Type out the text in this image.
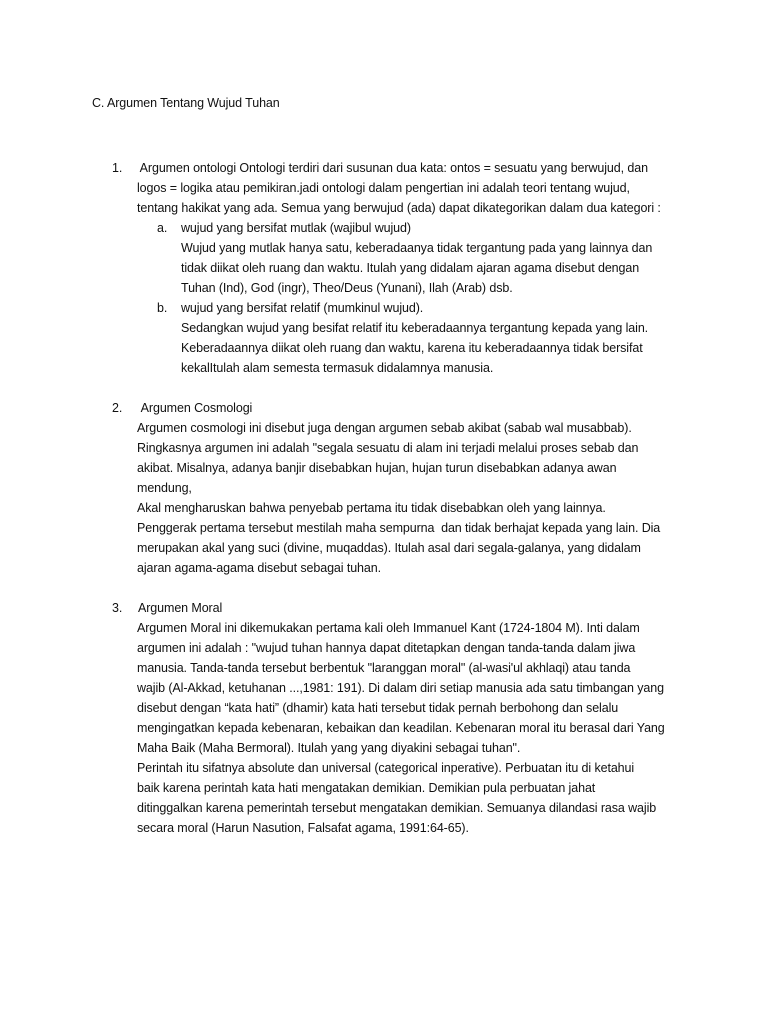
C. Argumen Tentang Wujud Tuhan
1. Argumen ontologi Ontologi terdiri dari susunan dua kata: ontos = sesuatu yang berwujud, dan
logos = logika atau pemikiran.jadi ontologi dalam pengertian ini adalah teori tentang wujud,
tentang hakikat yang ada. Semua yang berwujud (ada) dapat dikategorikan dalam dua kategori :
a. wujud yang bersifat mutlak (wajibul wujud)
Wujud yang mutlak hanya satu, keberadaanya tidak tergantung pada yang lainnya dan
tidak diikat oleh ruang dan waktu. Itulah yang didalam ajaran agama disebut dengan
Tuhan (Ind), God (ingr), Theo/Deus (Yunani), Ilah (Arab) dsb.
b. wujud yang bersifat relatif (mumkinul wujud).
Sedangkan wujud yang besifat relatif itu keberadaannya tergantung kepada yang lain.
Keberadaannya diikat oleh ruang dan waktu, karena itu keberadaannya tidak bersifat
kekalItulah alam semesta termasuk didalamnya manusia.
2. Argumen Cosmologi
Argumen cosmologi ini disebut juga dengan argumen sebab akibat (sabab wal musabbab).
Ringkasnya argumen ini adalah "segala sesuatu di alam ini terjadi melalui proses sebab dan
akibat. Misalnya, adanya banjir disebabkan hujan, hujan turun disebabkan adanya awan
mendung,
Akal mengharuskan bahwa penyebab pertama itu tidak disebabkan oleh yang lainnya.
Penggerak pertama tersebut mestilah maha sempurna  dan tidak berhajat kepada yang lain. Dia
merupakan akal yang suci (divine, muqaddas). Itulah asal dari segala-galanya, yang didalam
ajaran agama-agama disebut sebagai tuhan.
3. Argumen Moral
Argumen Moral ini dikemukakan pertama kali oleh Immanuel Kant (1724-1804 M). Inti dalam
argumen ini adalah : "wujud tuhan hannya dapat ditetapkan dengan tanda-tanda dalam jiwa
manusia. Tanda-tanda tersebut berbentuk "laranggan moral" (al-wasi'ul akhlaqi) atau tanda
wajib (Al-Akkad, ketuhanan ...,1981: 191). Di dalam diri setiap manusia ada satu timbangan yang
disebut dengan “kata hati” (dhamir) kata hati tersebut tidak pernah berbohong dan selalu
mengingatkan kepada kebenaran, kebaikan dan keadilan. Kebenaran moral itu berasal dari Yang
Maha Baik (Maha Bermoral). Itulah yang yang diyakini sebagai tuhan".
Perintah itu sifatnya absolute dan universal (categorical inperative). Perbuatan itu di ketahui
baik karena perintah kata hati mengatakan demikian. Demikian pula perbuatan jahat
ditinggalkan karena pemerintah tersebut mengatakan demikian. Semuanya dilandasi rasa wajib
secara moral (Harun Nasution, Falsafat agama, 1991:64-65).
